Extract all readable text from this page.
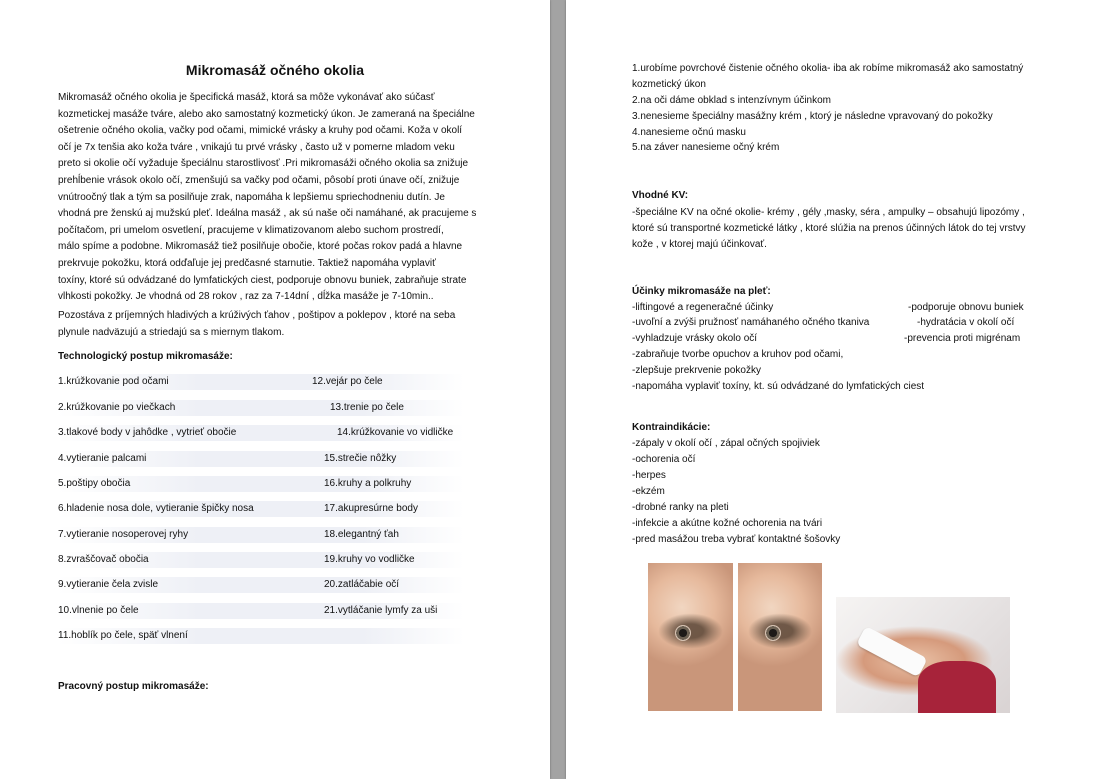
Mikromasáž očného okolia

Mikromasáž očného okolia je špecifická masáž, ktorá sa môže vykonávať ako súčasť

kozmetickej masáže tváre, alebo ako samostatný kozmetický úkon. Je zameraná na špeciálne

ošetrenie očného okolia, vačky pod očami, mimické vrásky a kruhy pod očami. Koža v okolí

očí je 7x tenšia ako koža tváre , vnikajú tu prvé vrásky , často už v pomerne mladom veku

preto si okolie očí vyžaduje špeciálnu starostlivosť .Pri mikromasáži očného okolia sa znižuje

prehĺbenie vrások okolo očí, zmenšujú sa vačky pod očami, pôsobí proti únave očí, znižuje

vnútroočný tlak a tým sa posilňuje zrak, napomáha k lepšiemu spriechodneniu dutín. Je

vhodná pre ženskú aj mužskú pleť. Ideálna masáž , ak sú naše oči namáhané, ak pracujeme s

počítačom, pri umelom osvetlení, pracujeme v klimatizovanom alebo suchom prostredí,

málo spíme a podobne. Mikromasáž tiež posilňuje obočie, ktoré počas rokov padá a hlavne

prekrvuje pokožku, ktorá odďaľuje jej predčasné starnutie. Taktiež napomáha vyplaviť

toxíny, ktoré sú odvádzané do lymfatických ciest, podporuje obnovu buniek, zabraňuje strate

vlhkosti pokožky. Je vhodná od 28 rokov , raz za 7-14dní , dĺžka masáže je 7-10min..

Pozostáva z príjemných hladivých a krúživých ťahov , poštipov a poklepov , ktoré na seba

plynule nadväzujú a striedajú sa s miernym tlakom.

Technologický postup mikromasáže:
1.krúžkovanie pod očami	12.vejár po čele
2.krúžkovanie po viečkach	13.trenie po čele
3.tlakové body v jahôdke , vytrieť obočie	14.krúžkovanie vo vidličke
4.vytieranie palcami	15.strečie nôžky
5.poštipy obočia	16.kruhy a polkruhy
6.hladenie nosa dole, vytieranie špičky nosa	17.akupresúrne body
7.vytieranie nosoperovej ryhy	18.elegantný ťah
8.zvraščovač obočia	19.kruhy vo vodličke
9.vytieranie čela zvisle	20.zatláčabie očí
10.vlnenie po čele	21.vytláčanie lymfy za uši
11.hoblík po čele, späť vlnení
Pracovný postup mikromasáže:
1.urobíme povrchové čistenie očného okolia- iba ak robíme mikromasáž ako samostatný
kozmetický úkon
2.na oči dáme obklad s intenzívnym účinkom
3.nenesieme špeciálny masážny krém , ktorý je následne vpravovaný do pokožky
4.nanesieme očnú masku
5.na záver nanesieme očný krém
Vhodné KV:
-špeciálne KV na očné okolie- krémy , gély ,masky, séra , ampulky – obsahujú lipozómy ,
ktoré sú transportné kozmetické látky , ktoré slúžia na prenos účinných látok do tej vrstvy
kože , v ktorej majú účinkovať.
Účinky mikromasáže na pleť:
-liftingové a regeneračné účinky	-podporuje obnovu buniek
-uvoľní a zvýši pružnosť namáhaného očného tkaniva	-hydratácia v okolí očí
-vyhladzuje vrásky okolo očí	-prevencia proti migrénam
-zabraňuje tvorbe opuchov a kruhov pod očami,
-zlepšuje prekrvenie pokožky
-napomáha vyplaviť toxíny, kt. sú odvádzané do lymfatických ciest
Kontraindikácie:
-zápaly v okolí očí , zápal očných spojiviek
-ochorenia očí
-herpes
-ekzém
-drobné ranky na pleti
-infekcie a akútne kožné ochorenia na tvári
-pred masážou treba vybrať kontaktné šošovky
